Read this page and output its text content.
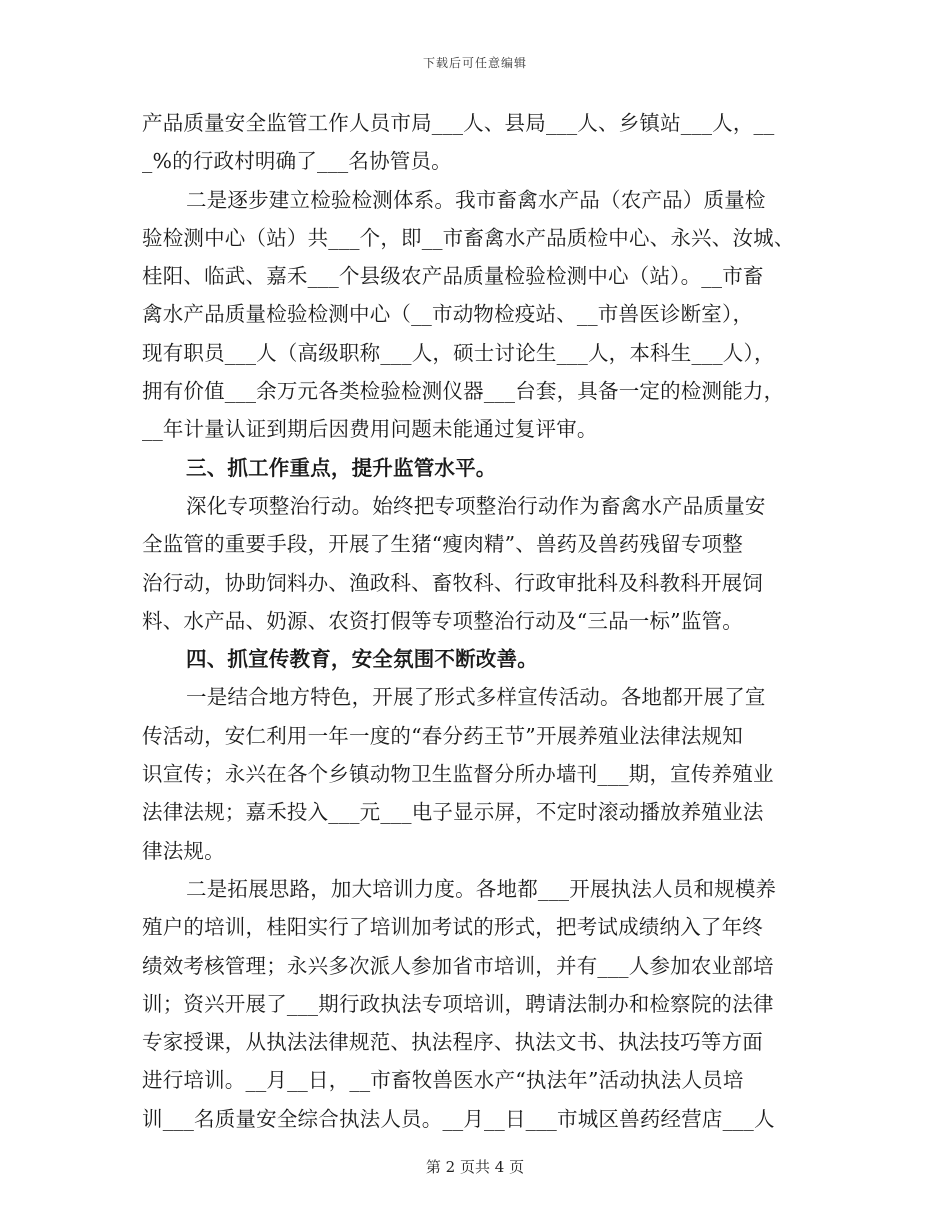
下载后可任意编辑
产品质量安全监管工作人员市局___人、县局___人、乡镇站___人，__
_%的行政村明确了___名协管员。
二是逐步建立检验检测体系。我市畜禽水产品（农产品）质量检
验检测中心（站）共___个，即__市畜禽水产品质检中心、永兴、汝城、
桂阳、临武、嘉禾___个县级农产品质量检验检测中心（站）。__市畜
禽水产品质量检验检测中心（__市动物检疫站、__市兽医诊断室），
现有职员___人（高级职称___人，硕士讨论生___人，本科生___人），
拥有价值___余万元各类检验检测仪器___台套，具备一定的检测能力，
__年计量认证到期后因费用问题未能通过复评审。
三、抓工作重点，提升监管水平。
深化专项整治行动。始终把专项整治行动作为畜禽水产品质量安
全监管的重要手段，开展了生猪“瘦肉精”、兽药及兽药残留专项整
治行动，协助饲料办、渔政科、畜牧科、行政审批科及科教科开展饲
料、水产品、奶源、农资打假等专项整治行动及“三品一标”监管。
四、抓宣传教育，安全氛围不断改善。
一是结合地方特色，开展了形式多样宣传活动。各地都开展了宣
传活动，安仁利用一年一度的“春分药王节”开展养殖业法律法规知
识宣传；永兴在各个乡镇动物卫生监督分所办墙刊___期，宣传养殖业
法律法规；嘉禾投入___元___电子显示屏，不定时滚动播放养殖业法
律法规。
二是拓展思路，加大培训力度。各地都___开展执法人员和规模养
殖户的培训，桂阳实行了培训加考试的形式，把考试成绩纳入了年终
绩效考核管理；永兴多次派人参加省市培训，并有___人参加农业部培
训；资兴开展了___期行政执法专项培训，聘请法制办和检察院的法律
专家授课，从执法法律规范、执法程序、执法文书、执法技巧等方面
进行培训。__月__日，__市畜牧兽医水产“执法年”活动执法人员培
训___名质量安全综合执法人员。__月__日___市城区兽药经营店___人
第 2 页共 4 页
